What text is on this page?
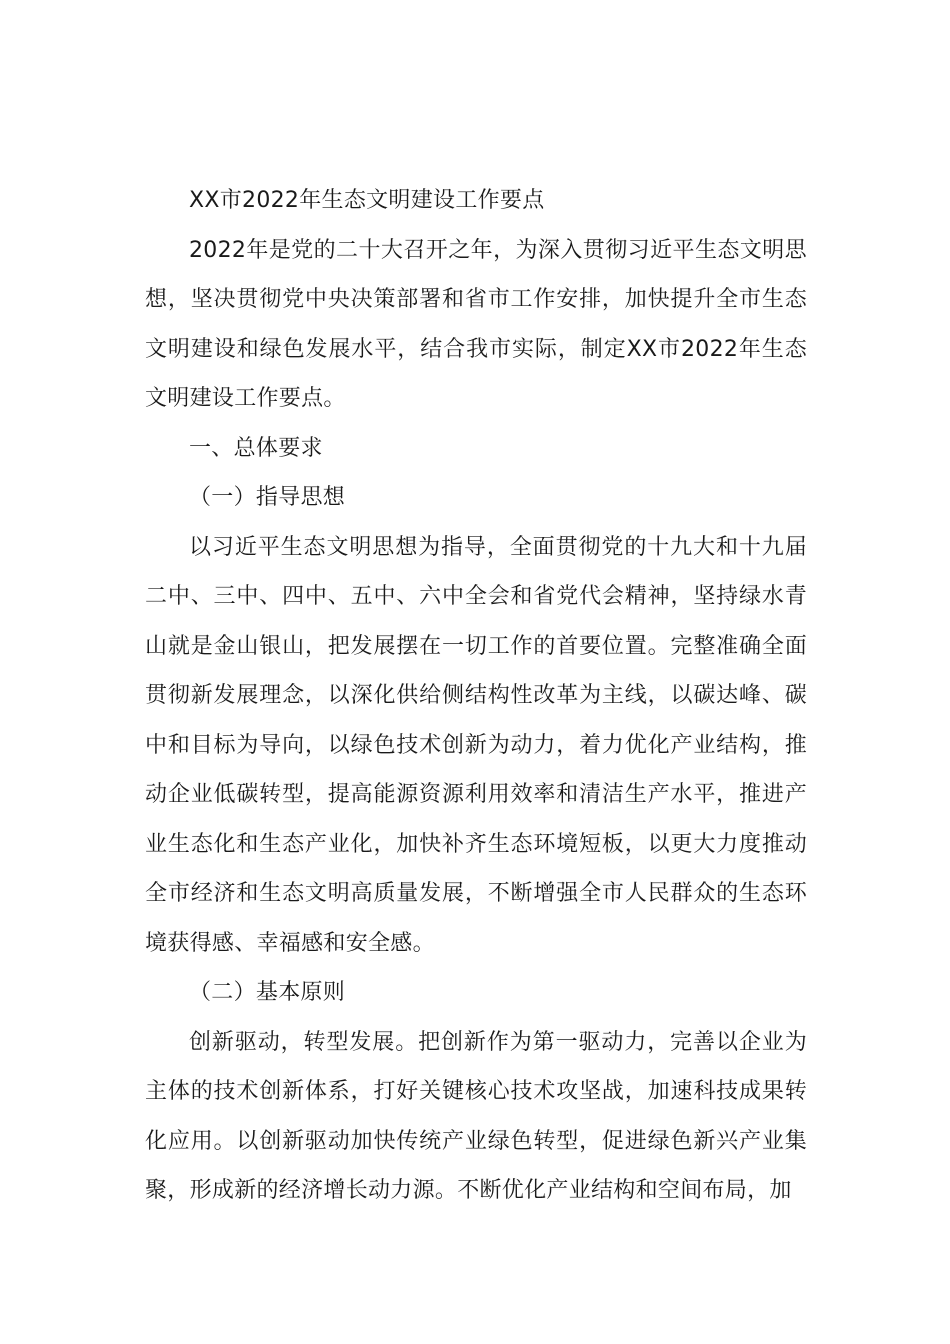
XX市2022年生态文明建设工作要点

2022年是党的二十大召开之年，为深入贯彻习近平生态文明思想，坚决贯彻党中央决策部署和省市工作安排，加快提升全市生态文明建设和绿色发展水平，结合我市实际，制定XX市2022年生态文明建设工作要点。

一、总体要求

（一）指导思想

以习近平生态文明思想为指导，全面贯彻党的十九大和十九届二中、三中、四中、五中、六中全会和省党代会精神，坚持绿水青山就是金山银山，把发展摆在一切工作的首要位置。完整准确全面贯彻新发展理念，以深化供给侧结构性改革为主线，以碳达峰、碳中和目标为导向，以绿色技术创新为动力，着力优化产业结构，推动企业低碳转型，提高能源资源利用效率和清洁生产水平，推进产业生态化和生态产业化，加快补齐生态环境短板，以更大力度推动全市经济和生态文明高质量发展，不断增强全市人民群众的生态环境获得感、幸福感和安全感。

（二）基本原则

创新驱动，转型发展。把创新作为第一驱动力，完善以企业为主体的技术创新体系，打好关键核心技术攻坚战，加速科技成果转化应用。以创新驱动加快传统产业绿色转型，促进绿色新兴产业集聚，形成新的经济增长动力源。不断优化产业结构和空间布局，加
